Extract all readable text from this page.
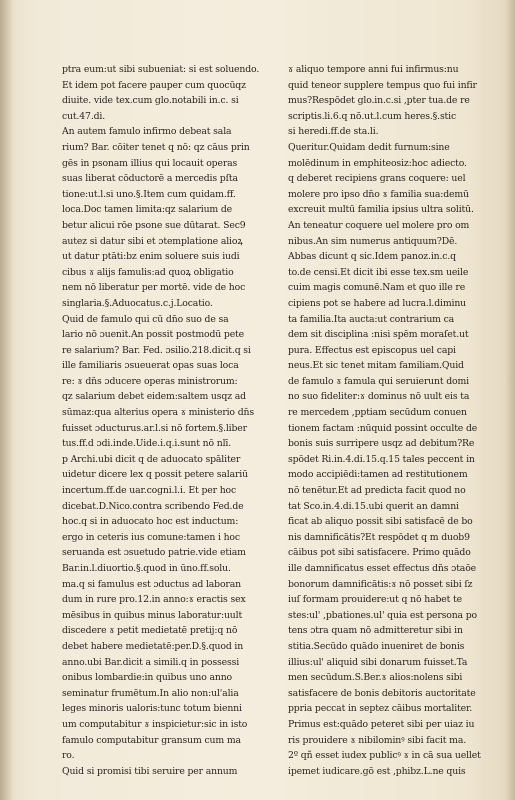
ptra eum:ut sibi subueniat: si est soluendo.
Et idem pot facere pauper cum quocūqz
diuite. vide tex.cum glo.notabili in.c. si
cut.47.di.
An autem famulo infirmo debeat sala
rium? Bar. cōiter tenet q nō: qz cāus prin
gēs in psonam illius qui locauit operas
suas liberat cōductorē a mercedis pſta
tione:ut.l.si uno.§.Item cum quidam.ff.
loca.Doc tamen limita:qz salarium de
betur alicui rōe psone sue dūtarat. Sec9
autez si datur sibi et ɔtemplatione alioꝝ
ut datur ptāti:bz enim soluere suis iudi
cibus ɤ alijs famulis:ad quoꝝ obligatio
nem nō liberatur per mortē. vide de hoc
singlaria.§.Aduocatus.c.j.Locatio.
Quid de famulo qui cū dn̄o suo de sa
lario nō ɔuenit.An possit postmodū pete
re salarium? Bar. Fed. ɔsilio.218.dicit.q si
ille familiaris ɔsueuerat opas suas loca
re: ɤ dn̄s ɔducere operas ministrorum:
qz salarium debet eidem:saltem usqz ad
sūmaz:qua alterius opera ɤ ministerio dn̄s
fuisset ɔducturus.ar.l.si nō fortem.§.liber
tus.ff.d ɔdi.inde.Uide.i.q.i.sunt nō nlī.
p Archi.ubi dicit q de aduocato spāliter
uidetur dicere lex q possit petere salariū
incertum.ff.de uar.cogni.l.i. Et per hoc
dicebat.D.Nico.contra scribendo Fed.de
hoc.q si in aduocato hoc est inductum:
ergo in ceteris ius comune:tamen i hoc
seruanda est ɔsuetudo patrie.vide etiam
Bar.in.l.diuortio.§.quod in ūno.ff.solu.
ma.q si famulus est ɔductus ad laboran
dum in rure pro.12.in anno:ɤ eractis sex
mēsibus in quibus minus laboratur:uult
discedere ɤ petit medietatē pretij:q nō
debet habere medietatē:per.D.§.quod in
anno.ubi Bar.dicit a simili.q in possessi
onibus lombardie:in quibus uno anno
seminatur frumētum.In alio non:ul'alia
leges minoris ualoris:tunc totum bienni
um computabitur ɤ inspicietur:sic in isto
famulo computabitur gransum cum ma
ro.
Quid si promisi tibi seruire per annum
ɤ aliquo tempore anni fui infirmus:nu
quid teneor supplere tempus quo fui infir
mus?Respōdet glo.in.c.si ,pter tua.de re
scriptis.li.6.q nō.ut.l.cum heres.§.stic
si heredi.ff.de sta.li.
Queritur.Quidam dedit furnum:sine
molēdinum in emphiteosiz:hoc adiecto.
q deberet recipiens grans coquere: uel
molere pro ipso dn̄o ɤ familia sua:demū
excreuit multū familia ipsius ultra solitū.
An teneatur coquere uel molere pro om
nibus.An sim numerus antiquum?Dē.
Abbas dicunt q sic.Idem panoz.in.c.q
to.de censi.Et dicit ibi esse tex.sm ueile
cuim magis comunē.Nam et quo ille re
cipiens pot se habere ad lucra.l.diminu
ta familia.Ita aucta:ut contrarium ca
dem sit disciplina :nisi spēm moraſet.ut
pura. Effectus est episcopus uel capi
neus.Et sic tenet mitam familiam.Quid
de famulo ɤ famula qui seruierunt domi
no suo fideliter:ɤ dominus nō uult eis ta
re mercedem ,pptiam secūdum conuen
tionem factam :nūquid possint occulte de
bonis suis surripere usqz ad debitum?Re
spōdet Ri.in.4.di.15.q.15 tales peccent in
modo accipiēdi:tamen ad restitutionem
nō tenētur.Et ad predicta facit quod no
tat Sco.in.4.di.15.ubi querit an damni
ficat ab aliquo possit sibi satisfacē de bo
nis damnificātis?Et respōdet q m duob9
cāibus pot sibi satisfacere. Primo quādo
ille damnificatus esset effectus dn̄s ɔtaōe
bonorum damnificātis:ɤ nō posset sibi ſz
iuſ formam prouidere:ut q nō habet te
stes:ul' ,pbationes.ul' quia est persona po
tens ɔtra quam nō admitteretur sibi in
stitia.Secūdo quādo inueniret de bonis
illius:ul' aliquid sibi donarum fuisset.Ta
men secūdum.S.Ber.ɤ alios:nolens sibi
satisfacere de bonis debitoris auctoritate
ppria peccat in septez cāibus mortaliter.
Primus est:quādo peteret sibi per uiaz iu
ris prouidere ɤ nibilominꝰ sibi facit ma.
2º qñ esset iudex publicꝰ ɤ in cā sua uellet
ipemet iudicare.gō est ,phibz.L.ne quis
